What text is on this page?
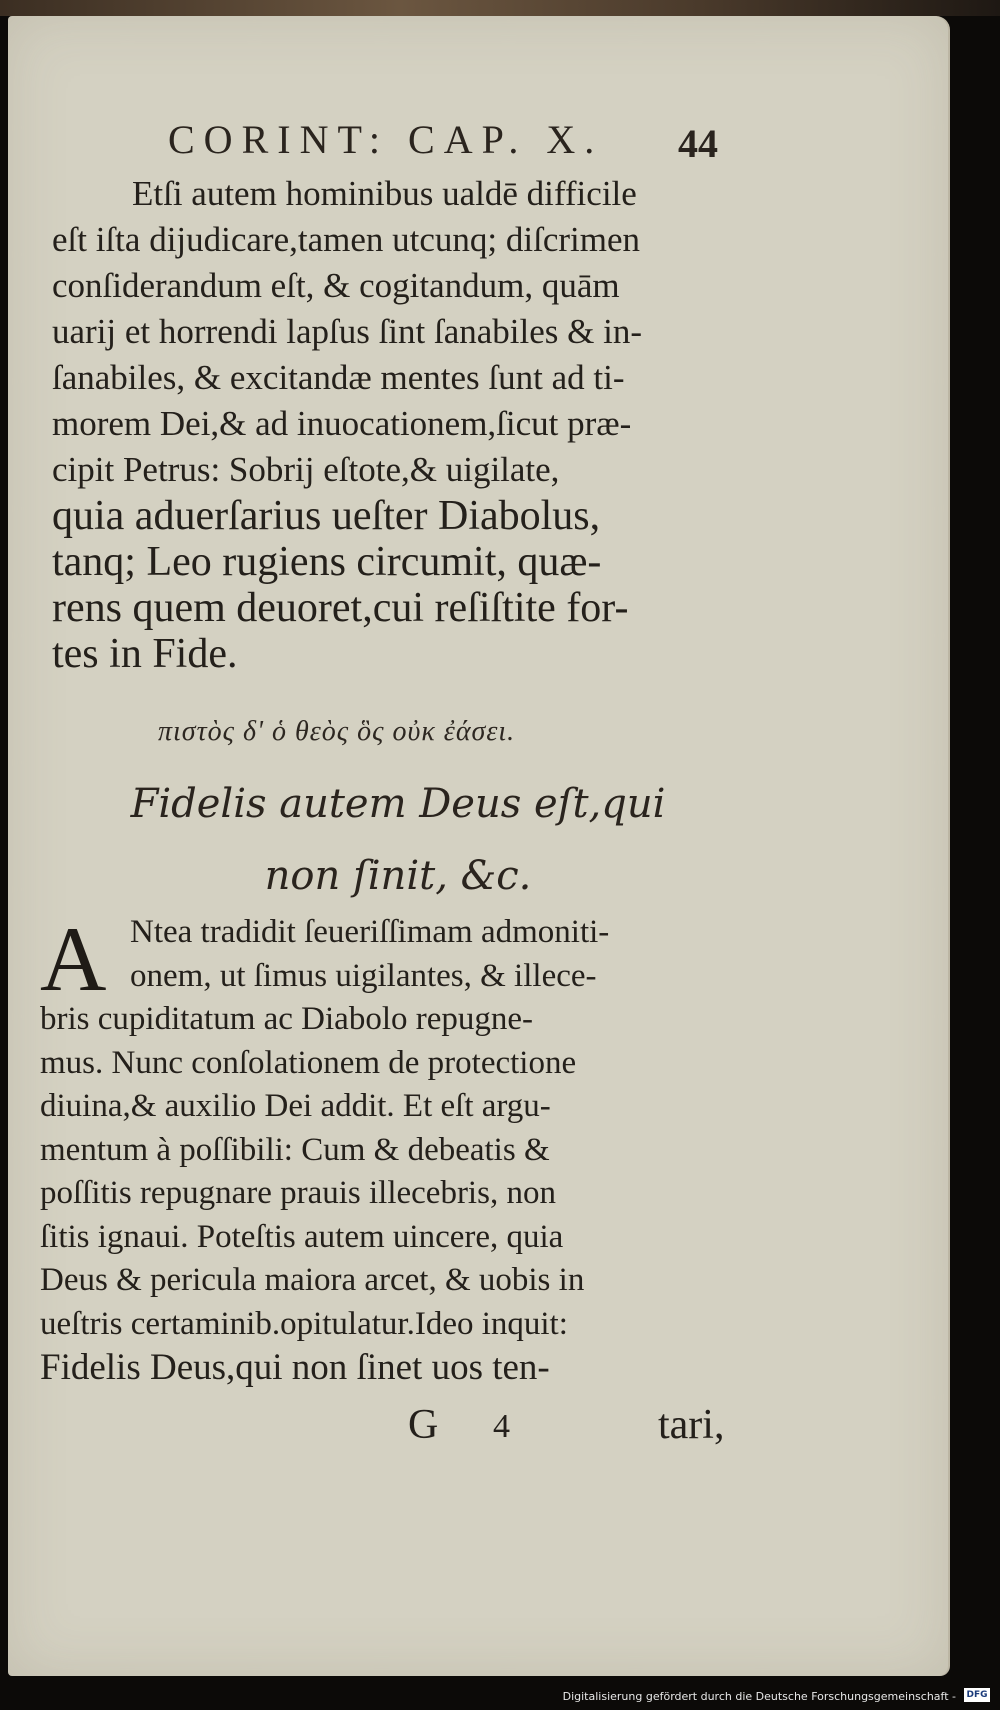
CORINT: CAP. X.	44
Etſi autem hominibus ualdē difficile
eſt iſta dijudicare,tamen utcunq; diſcrimen
conſiderandum eſt, & cogitandum, quām
uarij et horrendi lapſus ſint ſanabiles & in-
ſanabiles, & excitandæ mentes ſunt ad ti-
morem Dei,& ad inuocationem,ſicut præ-
cipit Petrus: Sobrij eſtote,& uigilate,
quia aduerſarius ueſter Diabolus,
tanq; Leo rugiens circumit, quæ-
rens quem deuoret,cui reſiſtite for-
tes in Fide.
πιστὸς δ' ὁ θεὸς ὃς οὐκ ἐάσει.
Fidelis autem Deus eſt,qui
non ſinit, &c.
A Ntea tradidit ſeueriſſimam admoniti-
onem, ut ſimus uigilantes, & illece-
bris cupiditatum ac Diabolo repugne-
mus. Nunc conſolationem de protectione
diuina,& auxilio Dei addit. Et eſt argu-
mentum à poſſibili: Cum & debeatis &
poſſitis repugnare prauis illecebris, non
ſitis ignaui. Poteſtis autem uincere, quia
Deus & pericula maiora arcet, & uobis in
ueſtris certaminib.opitulatur.Ideo inquit:
Fidelis Deus,qui non ſinet uos ten-
G 4	tari,
Digitalisierung gefördert durch die Deutsche Forschungsgemeinschaft - DFG
